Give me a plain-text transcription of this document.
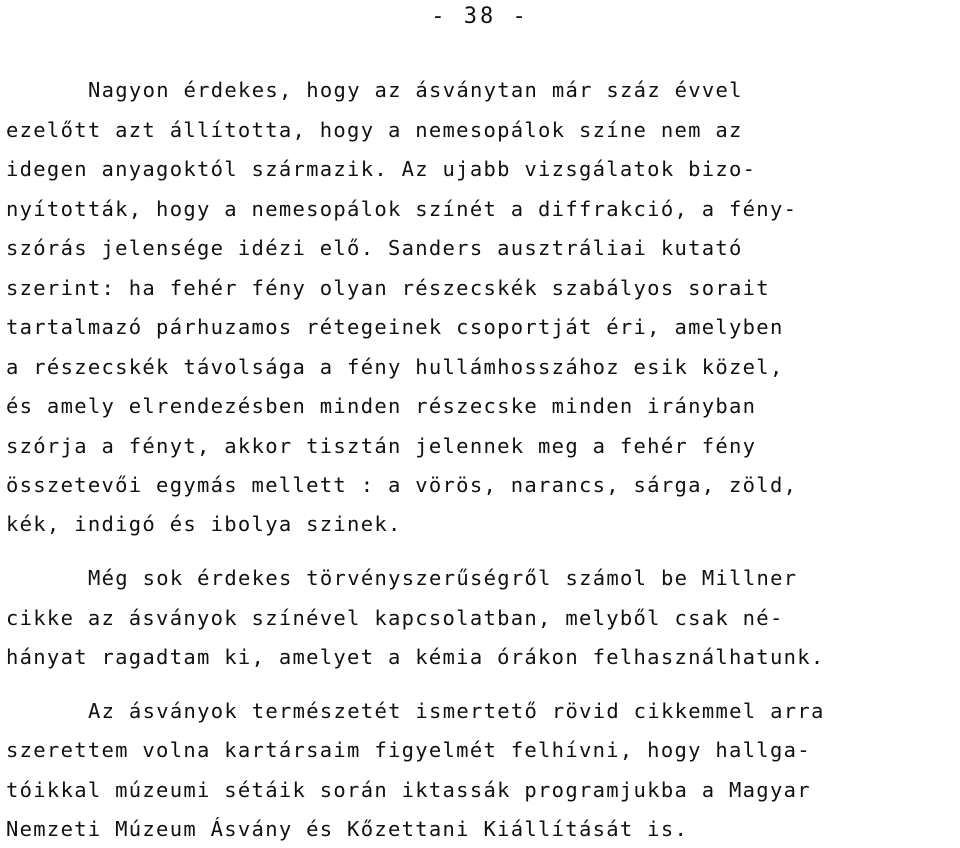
- 38 -
Nagyon érdekes, hogy az ásványtan már száz évvel
ezelőtt azt állította, hogy a nemesopálok színe nem az
idegen anyagoktól származik. Az ujabb vizsgálatok bizo-
nyították, hogy a nemesopálok színét a diffrakció, a fény-
szórás jelensége idézi elő. Sanders ausztráliai kutató
szerint: ha fehér fény olyan részecskék szabályos sorait
tartalmazó párhuzamos rétegeinek csoportját éri, amelyben
a részecskék távolsága a fény hullámhosszához esik közel,
és amely elrendezésben minden részecske minden irányban
szórja a fényt, akkor tisztán jelennek meg a fehér fény
összetevői egymás mellett : a vörös, narancs, sárga, zöld,
kék, indigó és ibolya szinek.
Még sok érdekes törvényszerűségről számol be Millner
cikke az ásványok színével kapcsolatban, melyből csak né-
hányat ragadtam ki, amelyet a kémia órákon felhasználhatunk.
Az ásványok természetét ismertető rövid cikkemmel arra
szerettem volna kartársaim figyelmét felhívni, hogy hallga-
tóikkal múzeumi sétáik során iktassák programjukba a Magyar
Nemzeti Múzeum Ásvány és Kőzettani Kiállítását is.
